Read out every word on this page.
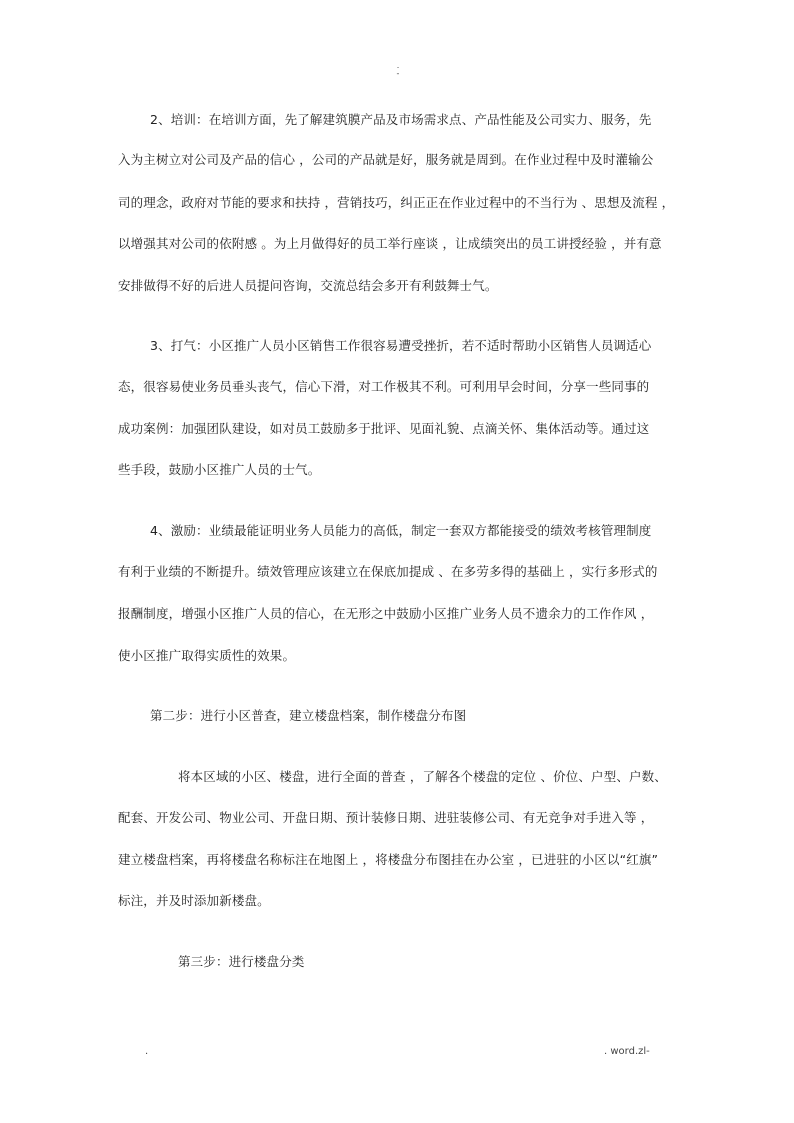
.
-
2、培训：在培训方面，先了解建筑膜产品及市场需求点、产品性能及公司实力、服务，先
入为主树立对公司及产品的信心 ，公司的产品就是好，服务就是周到。在作业过程中及时灌输公
司的理念，政府对节能的要求和扶持 ，营销技巧，纠正正在作业过程中的不当行为 、思想及流程 ，
以增强其对公司的依附感 。为上月做得好的员工举行座谈 ，让成绩突出的员工讲授经验 ，并有意
安排做得不好的后进人员提问咨询，交流总结会多开有利鼓舞士气。
3、打气：小区推广人员小区销售工作很容易遭受挫折，若不适时帮助小区销售人员调适心
态，很容易使业务员垂头丧气，信心下滑，对工作极其不利。可利用早会时间，分享一些同事的
成功案例：加强团队建设，如对员工鼓励多于批评、见面礼貌、点滴关怀、集体活动等。通过这
些手段，鼓励小区推广人员的士气。
4、激励：业绩最能证明业务人员能力的高低，制定一套双方都能接受的绩效考核管理制度
有利于业绩的不断提升。绩效管理应该建立在保底加提成 、在多劳多得的基础上 ，实行多形式的
报酬制度，增强小区推广人员的信心，在无形之中鼓励小区推广业务人员不遗余力的工作作风 ，
使小区推广取得实质性的效果。
第二步：进行小区普查，建立楼盘档案，制作楼盘分布图
将本区域的小区、楼盘，进行全面的普查 ，了解各个楼盘的定位 、价位、户型、户数、
配套、开发公司、物业公司、开盘日期、预计装修日期、进驻装修公司、有无竞争对手进入等 ，
建立楼盘档案，再将楼盘名称标注在地图上 ，将楼盘分布图挂在办公室 ，已进驻的小区以“红旗”
标注，并及时添加新楼盘。
第三步：进行楼盘分类
.	. word.zl-
